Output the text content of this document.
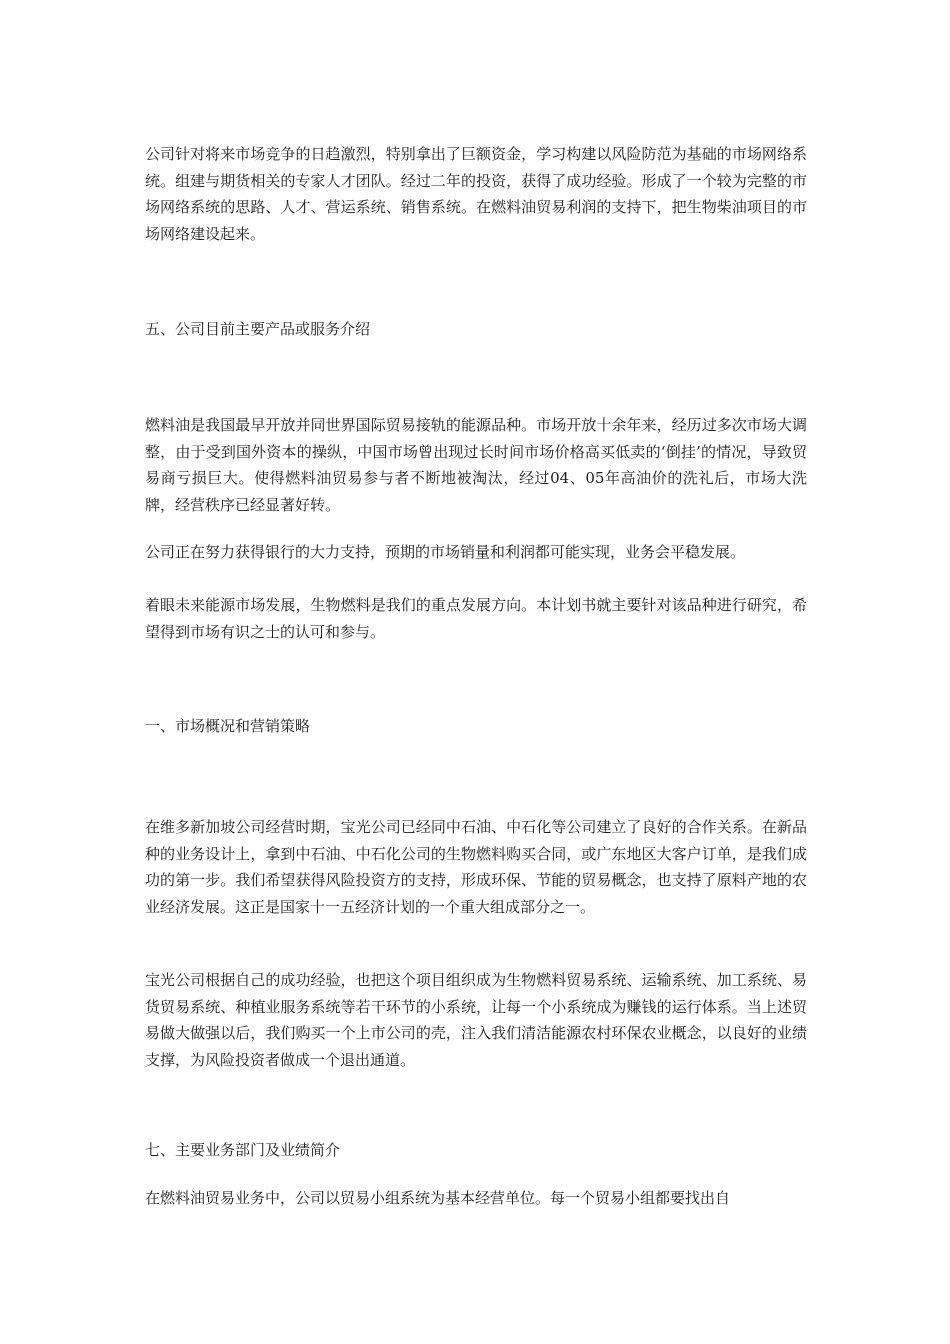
公司针对将来市场竞争的日趋激烈，特别拿出了巨额资金，学习构建以风险防范为基础的市场网络系统。组建与期货相关的专家人才团队。经过二年的投资，获得了成功经验。形成了一个较为完整的市场网络系统的思路、人才、营运系统、销售系统。在燃料油贸易利润的支持下，把生物柴油项目的市场网络建设起来。

五、公司目前主要产品或服务介绍

燃料油是我国最早开放并同世界国际贸易接轨的能源品种。市场开放十余年来，经历过多次市场大调整，由于受到国外资本的操纵，中国市场曾出现过长时间市场价格高买低卖的‘倒挂’的情况，导致贸易商亏损巨大。使得燃料油贸易参与者不断地被淘汰，经过04、05年高油价的洗礼后，市场大洗牌，经营秩序已经显著好转。

公司正在努力获得银行的大力支持，预期的市场销量和利润都可能实现，业务会平稳发展。

着眼未来能源市场发展，生物燃料是我们的重点发展方向。本计划书就主要针对该品种进行研究，希望得到市场有识之士的认可和参与。

一、市场概况和营销策略

在维多新加坡公司经营时期，宝光公司已经同中石油、中石化等公司建立了良好的合作关系。在新品种的业务设计上，拿到中石油、中石化公司的生物燃料购买合同，或广东地区大客户订单，是我们成功的第一步。我们希望获得风险投资方的支持，形成环保、节能的贸易概念，也支持了原料产地的农业经济发展。这正是国家十一五经济计划的一个重大组成部分之一。

宝光公司根据自己的成功经验，也把这个项目组织成为生物燃料贸易系统、运输系统、加工系统、易货贸易系统、种植业服务系统等若干环节的小系统，让每一个小系统成为赚钱的运行体系。当上述贸易做大做强以后，我们购买一个上市公司的壳，注入我们清洁能源农村环保农业概念，以良好的业绩支撑，为风险投资者做成一个退出通道。

七、主要业务部门及业绩简介

在燃料油贸易业务中，公司以贸易小组系统为基本经营单位。每一个贸易小组都要找出自
